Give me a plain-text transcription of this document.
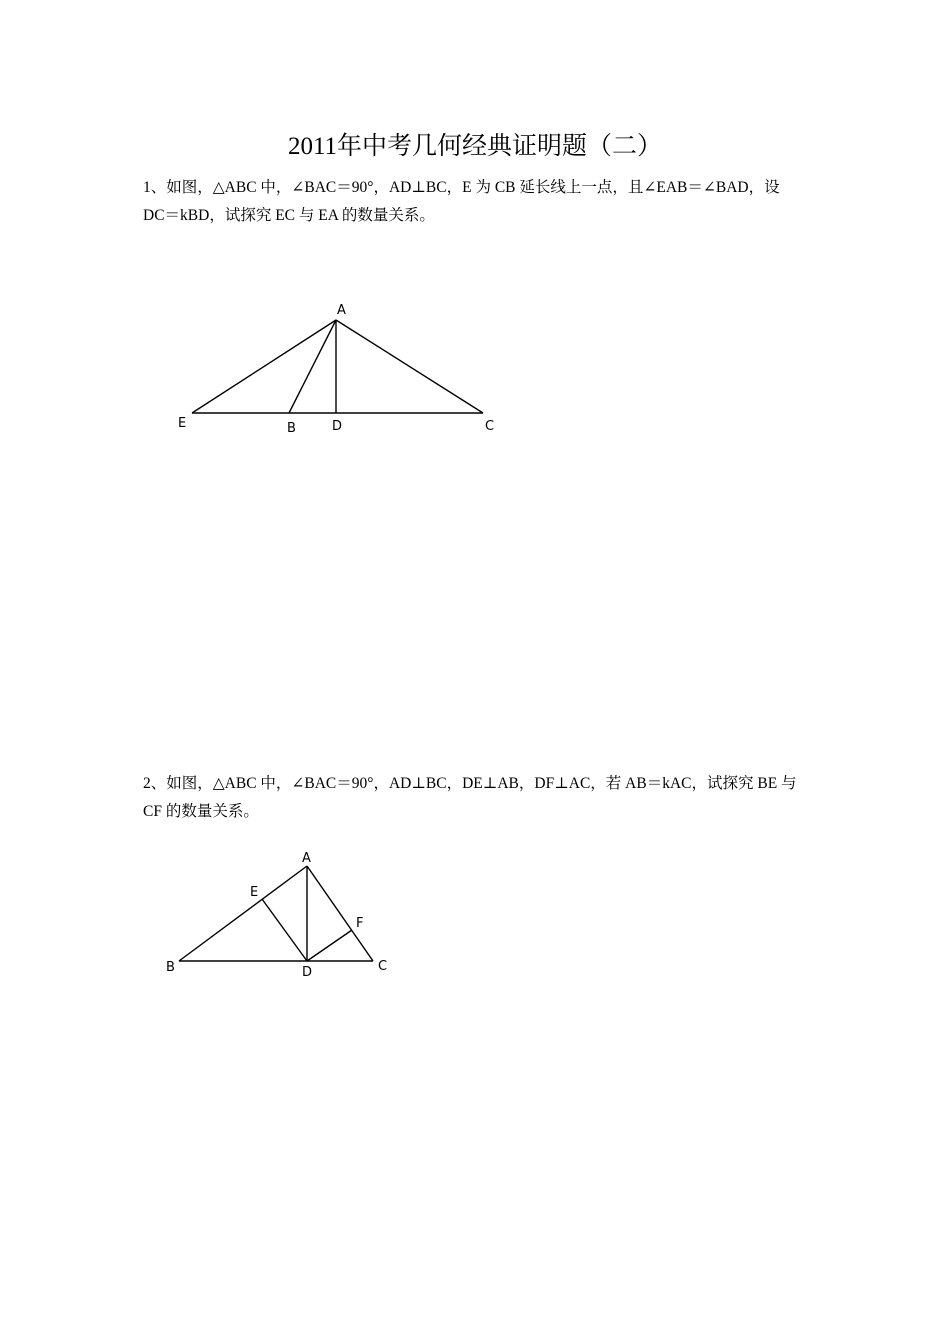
2011年中考几何经典证明题（二）
1、如图，△ABC 中，∠BAC＝90°，AD⊥BC，E 为 CB 延长线上一点，且∠EAB＝∠BAD，设
DC＝kBD，试探究 EC 与 EA 的数量关系。
2、如图，△ABC 中，∠BAC＝90°，AD⊥BC，DE⊥AB，DF⊥AC，若 AB＝kAC，试探究 BE 与
CF 的数量关系。
A
E	B	D	C
A
E
F
B	D	C
